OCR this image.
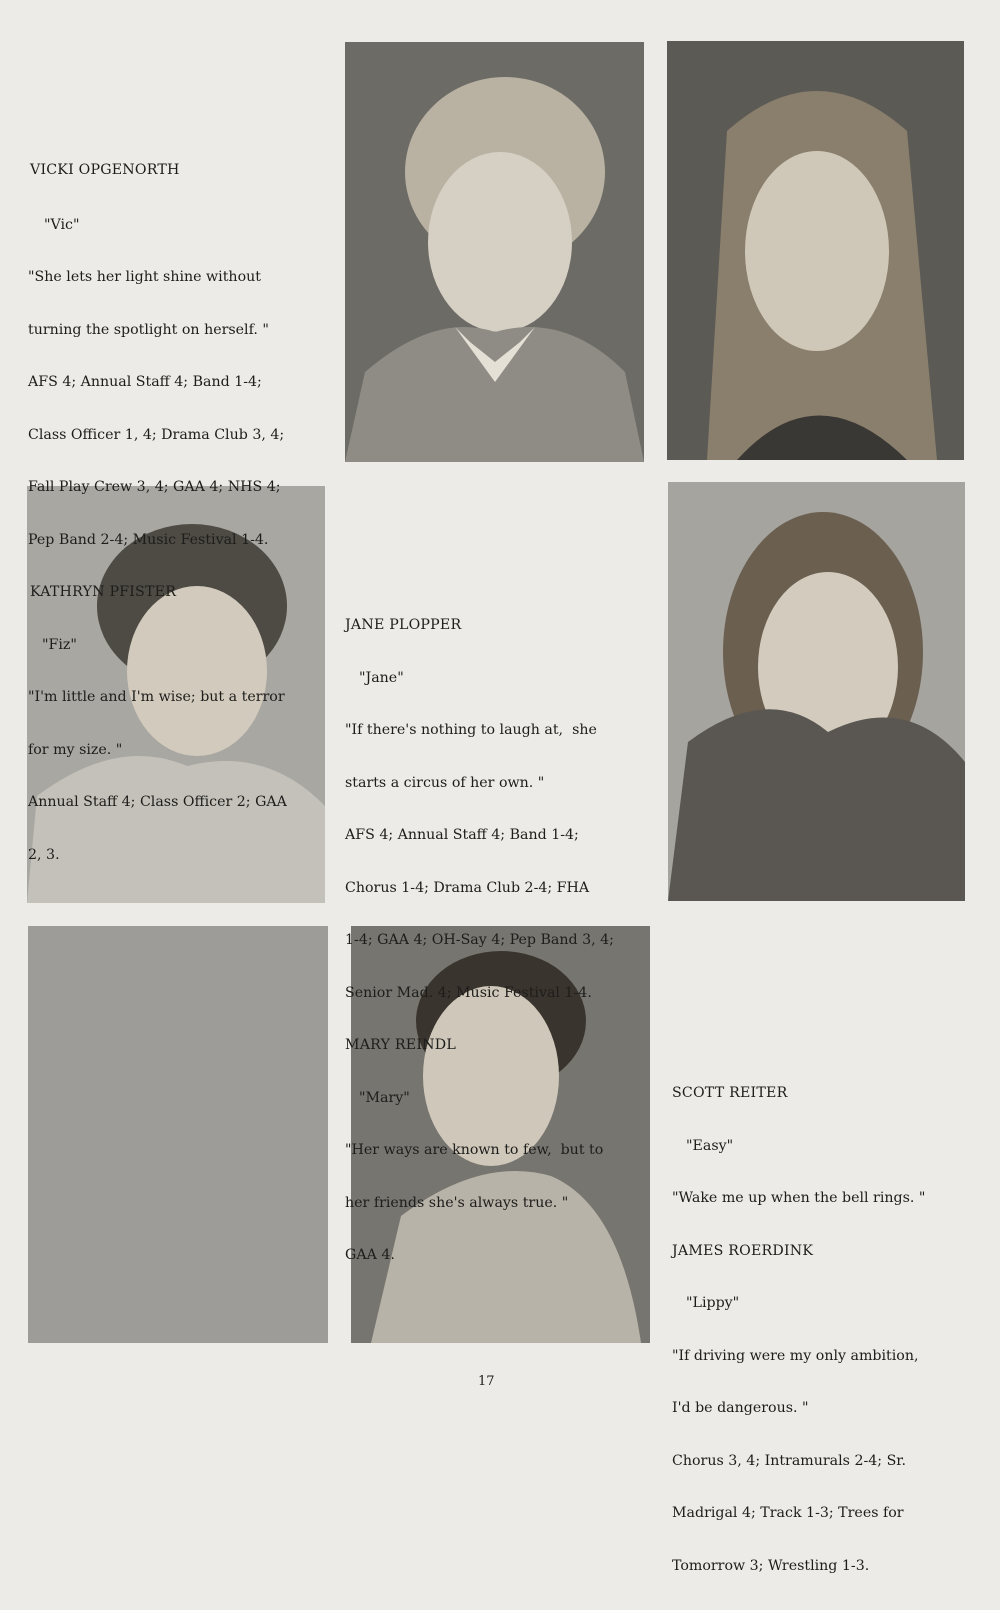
VICKI OPGENORTH

"Vic"

"She lets her light shine without

turning the spotlight on herself. "

AFS 4; Annual Staff 4; Band 1-4;

Class Officer 1, 4; Drama Club 3, 4;

Fall Play Crew 3, 4; GAA 4; NHS 4;

Pep Band 2-4; Music Festival 1-4.

KATHRYN PFISTER

"Fiz"

"I'm little and I'm wise; but a terror

for my size. "

Annual Staff 4; Class Officer 2; GAA

2, 3.

JANE PLOPPER

"Jane"

"If there's nothing to laugh at,  she

starts a circus of her own. "

AFS 4; Annual Staff 4; Band 1-4;

Chorus 1-4; Drama Club 2-4; FHA

1-4; GAA 4; OH-Say 4; Pep Band 3, 4;

Senior Mad. 4; Music Festival 1-4.

MARY REINDL

"Mary"

"Her ways are known to few,  but to

her friends she's always true. "

GAA 4.

SCOTT REITER

"Easy"

"Wake me up when the bell rings. "

JAMES ROERDINK

"Lippy"

"If driving were my only ambition,

I'd be dangerous. "

Chorus 3, 4; Intramurals 2-4; Sr.

Madrigal 4; Track 1-3; Trees for

Tomorrow 3; Wrestling 1-3.

17
